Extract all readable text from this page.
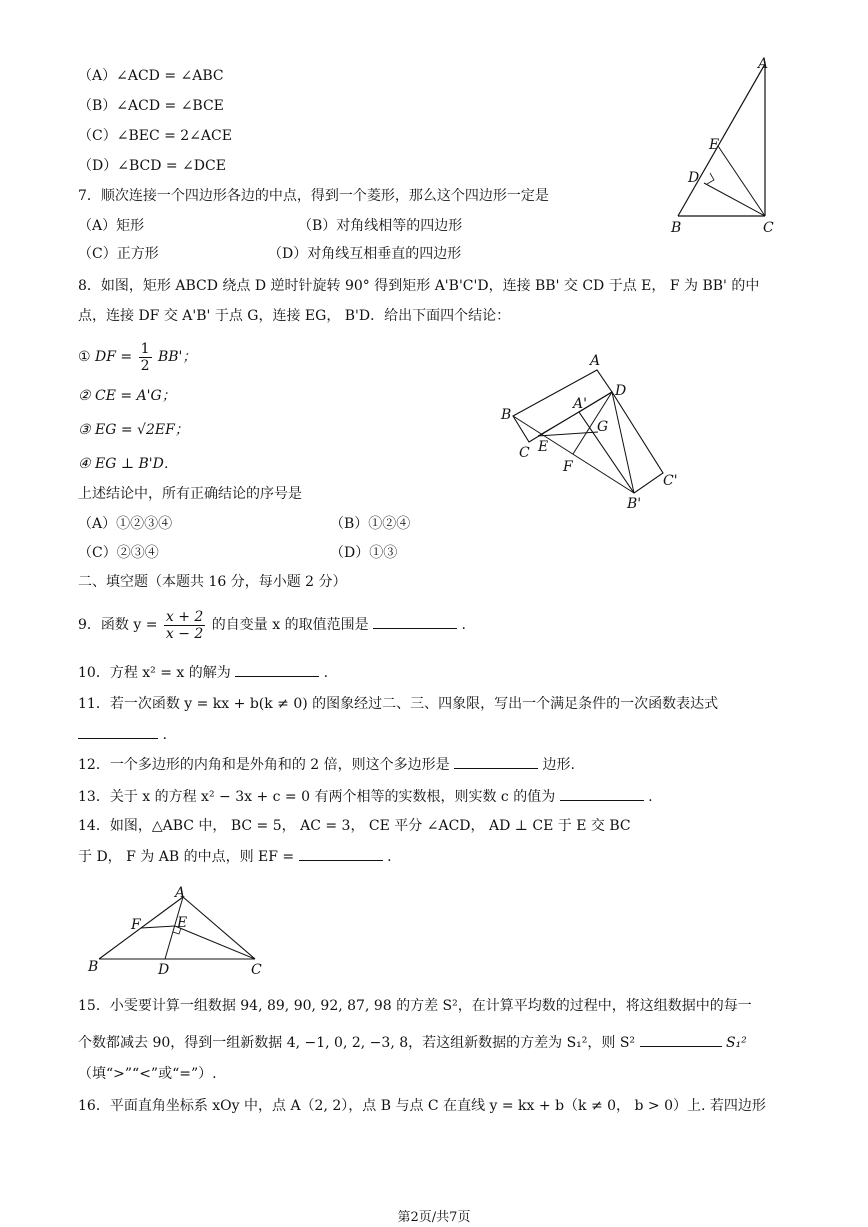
（A）∠ACD = ∠ABC
（B）∠ACD = ∠BCE
（C）∠BEC = 2∠ACE
（D）∠BCD = ∠DCE
A
E
D
B	C
7．顺次连接一个四边形各边的中点，得到一个菱形，那么这个四边形一定是
（A）矩形	（B）对角线相等的四边形
（C）正方形	（D）对角线互相垂直的四边形
8．如图，矩形 ABCD 绕点 D 逆时针旋转 90° 得到矩形 A'B'C'D，连接 BB' 交 CD 于点 E， F 为 BB' 的中
点，连接 DF 交 A'B' 于点 G，连接 EG， B'D．给出下面四个结论：
① DF = $\frac{1}{2} BB'$；
② CE = A'G；
③ EG = √2EF；
④ EG ⊥ B'D．
上述结论中，所有正确结论的序号是
（A）①②③④	（B）①②④
（C）②③④	（D）①③
A
D
A'
B
G
E
C
F
C'
B'
二、填空题（本题共 16 分，每小题 2 分）
9．函数 $y = \frac{x + 2}{x - 2}$ 的自变量 x 的取值范围是	.
10．方程 x² = x 的解为	.
11．若一次函数 y = kx + b(k ≠ 0) 的图象经过二、三、四象限，写出一个满足条件的一次函数表达式
.
12．一个多边形的内角和是外角和的 2 倍，则这个多边形是	边形.
13．关于 x 的方程 x² − 3x + c = 0 有两个相等的实数根，则实数 c 的值为	.
14．如图，△ABC 中， BC = 5， AC = 3， CE 平分 ∠ACD， AD ⊥ CE 于 E 交 BC
于 D， F 为 AB 的中点，则 EF =	.
A
F	E
B	D	C
15．小雯要计算一组数据 94, 89, 90, 92, 87, 98 的方差 S²，在计算平均数的过程中，将这组数据中的每一
个数都减去 90，得到一组新数据 4, −1, 0, 2, −3, 8，若这组新数据的方差为 S₁²，则 S²	S₁²
（填“>”“<”或“=”）.
16．平面直角坐标系 xOy 中，点 A（2, 2），点 B 与点 C 在直线 y = kx + b（k ≠ 0， b > 0）上. 若四边形
第2页/共7页
